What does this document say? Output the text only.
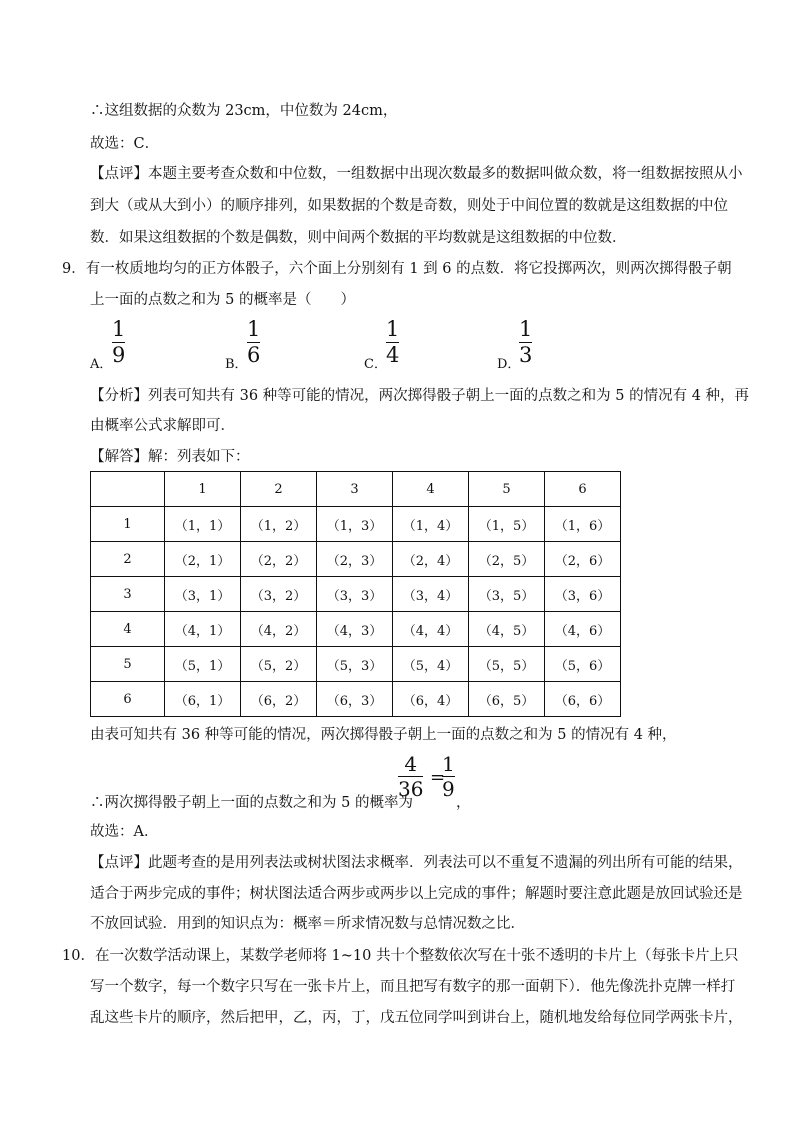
∴这组数据的众数为 23cm，中位数为 24cm，
故选：C．
【点评】本题主要考查众数和中位数，一组数据中出现次数最多的数据叫做众数，将一组数据按照从小
到大（或从大到小）的顺序排列，如果数据的个数是奇数，则处于中间位置的数就是这组数据的中位
数．如果这组数据的个数是偶数，则中间两个数据的平均数就是这组数据的中位数．
9．有一枚质地均匀的正方体骰子，六个面上分别刻有 1 到 6 的点数．将它投掷两次，则两次掷得骰子朝
上一面的点数之和为 5 的概率是（　　）
A．
1
9	B．
1
6	C．
1
4	D．
1
3
【分析】列表可知共有 36 种等可能的情况，两次掷得骰子朝上一面的点数之和为 5 的情况有 4 种，再
由概率公式求解即可．
【解答】解：列表如下：
	1	2	3	4	5	6
1	（1，1）	（1，2）	（1，3）	（1，4）	（1，5）	（1，6）
2	（2，1）	（2，2）	（2，3）	（2，4）	（2，5）	（2，6）
3	（3，1）	（3，2）	（3，3）	（3，4）	（3，5）	（3，6）
4	（4，1）	（4，2）	（4，3）	（4，4）	（4，5）	（4，6）
5	（5，1）	（5，2）	（5，3）	（5，4）	（5，5）	（5，6）
6	（6，1）	（6，2）	（6，3）	（6，4）	（6，5）	（6，6）
由表可知共有 36 种等可能的情况，两次掷得骰子朝上一面的点数之和为 5 的情况有 4 种，
∴两次掷得骰子朝上一面的点数之和为 5 的概率为
4
36 =
1
9
，
故选：A．
【点评】此题考查的是用列表法或树状图法求概率．列表法可以不重复不遗漏的列出所有可能的结果，
适合于两步完成的事件；树状图法适合两步或两步以上完成的事件；解题时要注意此题是放回试验还是
不放回试验．用到的知识点为：概率＝所求情况数与总情况数之比．
10．在一次数学活动课上，某数学老师将 1~10 共十个整数依次写在十张不透明的卡片上（每张卡片上只
写一个数字，每一个数字只写在一张卡片上，而且把写有数字的那一面朝下）．他先像洗扑克牌一样打
乱这些卡片的顺序，然后把甲，乙，丙，丁，戊五位同学叫到讲台上，随机地发给每位同学两张卡片，
